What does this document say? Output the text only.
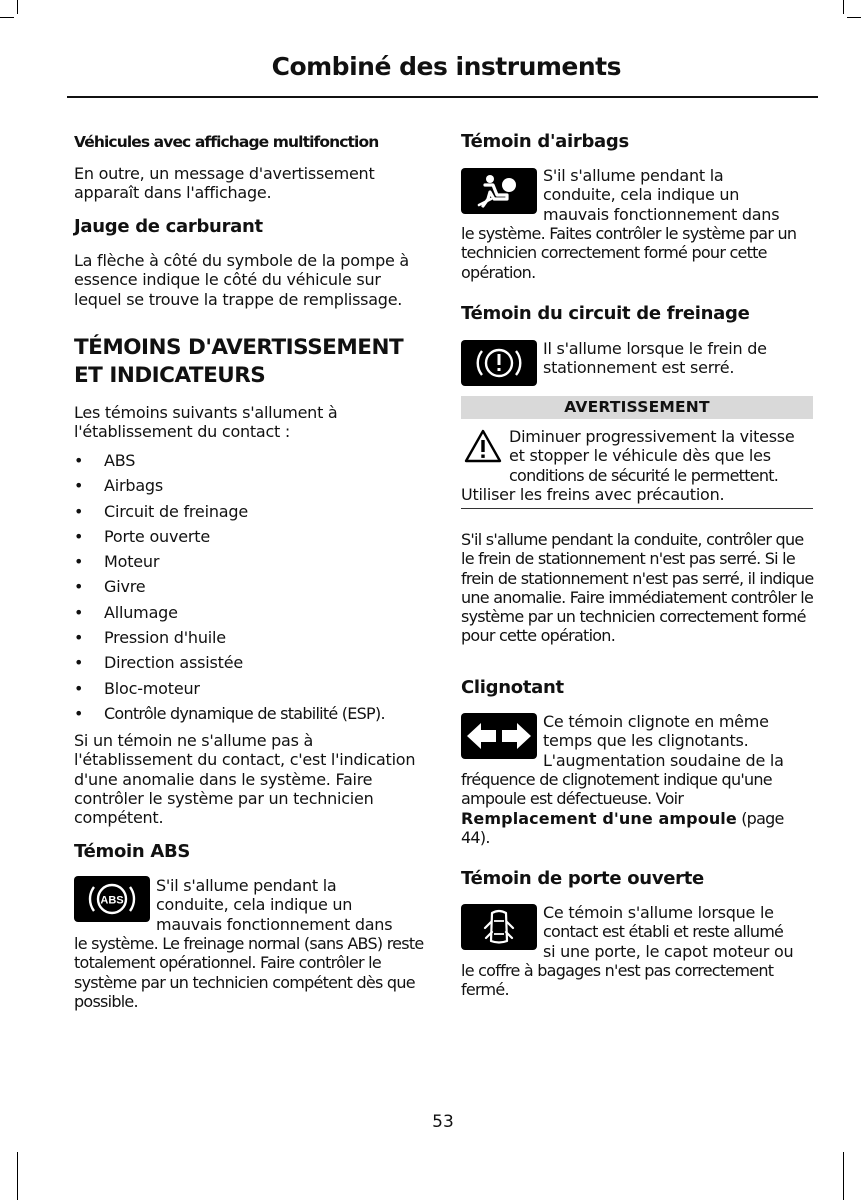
Combiné des instruments
Véhicules avec affichage multifonction
En outre, un message d'avertissement apparaît dans l'affichage.
Jauge de carburant
La flèche à côté du symbole de la pompe à essence indique le côté du véhicule sur lequel se trouve la trappe de remplissage.
TÉMOINS D'AVERTISSEMENT ET INDICATEURS
Les témoins suivants s'allument à l'établissement du contact :
• ABS
• Airbags
• Circuit de freinage
• Porte ouverte
• Moteur
• Givre
• Allumage
• Pression d'huile
• Direction assistée
• Bloc-moteur
• Contrôle dynamique de stabilité (ESP).
Si un témoin ne s'allume pas à l'établissement du contact, c'est l'indication d'une anomalie dans le système. Faire contrôler le système par un technicien compétent.
Témoin ABS
ABS
S'il s'allume pendant la
conduite, cela indique un
mauvais fonctionnement dans
le système. Le freinage normal (sans ABS) reste totalement opérationnel. Faire contrôler le système par un technicien compétent dès que possible.
Témoin d'airbags
S'il s'allume pendant la
conduite, cela indique un
mauvais fonctionnement dans
le système. Faites contrôler le système par un technicien correctement formé pour cette opération.
Témoin du circuit de freinage
Il s'allume lorsque le frein de
stationnement est serré.
AVERTISSEMENT
Diminuer progressivement la vitesse
et stopper le véhicule dès que les
conditions de sécurité le permettent.
Utiliser les freins avec précaution.
S'il s'allume pendant la conduite, contrôler que le frein de stationnement n'est pas serré. Si le frein de stationnement n'est pas serré, il indique une anomalie. Faire immédiatement contrôler le système par un technicien correctement formé pour cette opération.
Clignotant
Ce témoin clignote en même
temps que les clignotants.
L'augmentation soudaine de la
fréquence de clignotement indique qu'une ampoule est défectueuse. Voir Remplacement d'une ampoule (page 44).
Témoin de porte ouverte
Ce témoin s'allume lorsque le
contact est établi et reste allumé
si une porte, le capot moteur ou
le coffre à bagages n'est pas correctement fermé.
53
